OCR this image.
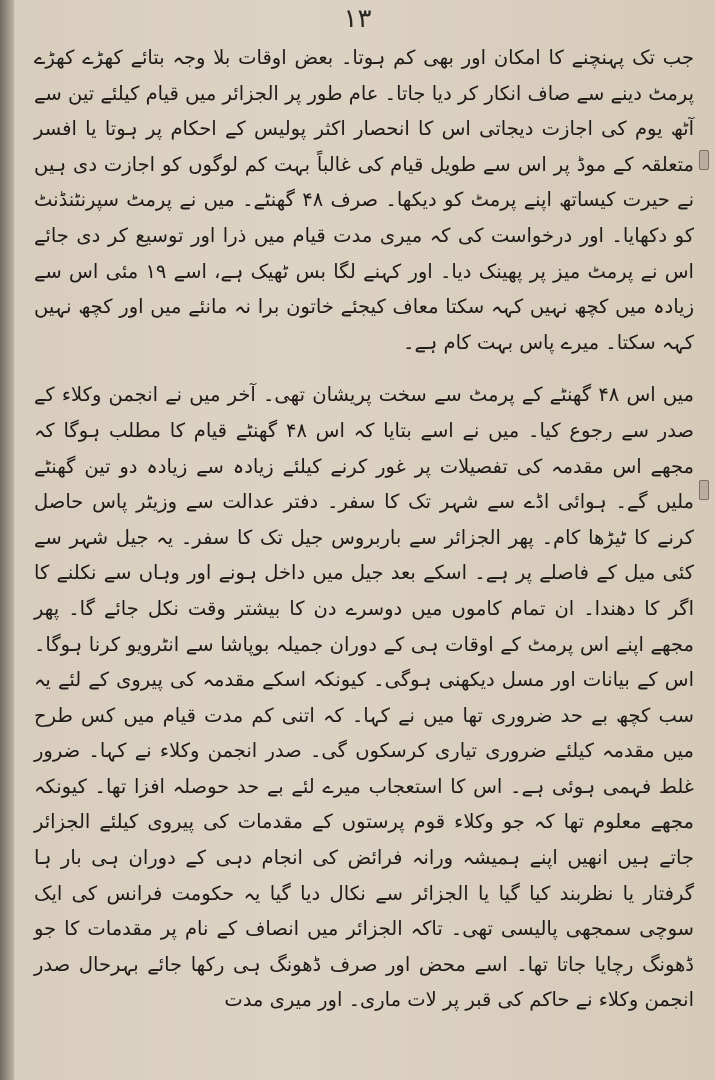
۱۳

جب تک پہنچنے کا امکان اور بھی کم ہوتا۔ بعض اوقات بلا وجہ بتائے کھڑے کھڑے پرمٹ دینے سے صاف انکار کر دیا جاتا۔ عام طور پر الجزائر میں قیام کیلئے تین سے آٹھ یوم کی اجازت دیجاتی اس کا انحصار اکثر پولیس کے احکام پر ہوتا یا افسر متعلقہ کے موڈ پر اس سے طویل قیام کی غالباً بہت کم لوگوں کو اجازت دی ہیں نے حیرت کیساتھ اپنے پرمٹ کو دیکھا۔ صرف ۴۸ گھنٹے۔ میں نے پرمٹ سپرنٹنڈنٹ کو دکھایا۔ اور درخواست کی کہ میری مدت قیام میں ذرا اور توسیع کر دی جائے اس نے پرمٹ میز پر پھینک دیا۔ اور کہنے لگا بس ٹھیک ہے، اسے ۱۹ مئی اس سے زیادہ میں کچھ نہیں کہہ سکتا معاف کیجئے خاتون برا نہ مانئے میں اور کچھ نہیں کہہ سکتا۔ میرے پاس بہت کام ہے۔

میں اس ۴۸ گھنٹے کے پرمٹ سے سخت پریشان تھی۔ آخر میں نے انجمن وکلاء کے صدر سے رجوع کیا۔ میں نے اسے بتایا کہ اس ۴۸ گھنٹے قیام کا مطلب ہوگا کہ مجھے اس مقدمہ کی تفصیلات پر غور کرنے کیلئے زیادہ سے زیادہ دو تین گھنٹے ملیں گے۔ ہوائی اڈے سے شہر تک کا سفر۔ دفتر عدالت سے وزیٹر پاس حاصل کرنے کا ٹیڑھا کام۔ پھر الجزائر سے باربروس جیل تک کا سفر۔ یہ جیل شہر سے کئی میل کے فاصلے پر ہے۔ اسکے بعد جیل میں داخل ہونے اور وہاں سے نکلنے کا اگر کا دھندا۔ ان تمام کاموں میں دوسرے دن کا بیشتر وقت نکل جائے گا۔ پھر مجھے اپنے اس پرمٹ کے اوقات ہی کے دوران جمیلہ بوپاشا سے انٹرویو کرنا ہوگا۔ اس کے بیانات اور مسل دیکھنی ہوگی۔ کیونکہ اسکے مقدمہ کی پیروی کے لئے یہ سب کچھ بے حد ضروری تھا میں نے کہا۔ کہ اتنی کم مدت قیام میں کس طرح میں مقدمہ کیلئے ضروری تیاری کرسکوں گی۔ صدر انجمن وکلاء نے کہا۔ ضرور غلط فہمی ہوئی ہے۔ اس کا استعجاب میرے لئے بے حد حوصلہ افزا تھا۔ کیونکہ مجھے معلوم تھا کہ جو وکلاء قوم پرستوں کے مقدمات کی پیروی کیلئے الجزائر جاتے ہیں انھیں اپنے ہمیشہ ورانہ فرائض کی انجام دہی کے دوران ہی بار ہا گرفتار یا نظربند کیا گیا یا الجزائر سے نکال دیا گیا یہ حکومت فرانس کی ایک سوچی سمجھی پالیسی تھی۔ تاکہ الجزائر میں انصاف کے نام پر مقدمات کا جو ڈھونگ رچایا جاتا تھا۔ اسے محض اور صرف ڈھونگ ہی رکھا جائے بہرحال صدر انجمن وکلاء نے حاکم کی قبر پر لات ماری۔ اور میری مدت
